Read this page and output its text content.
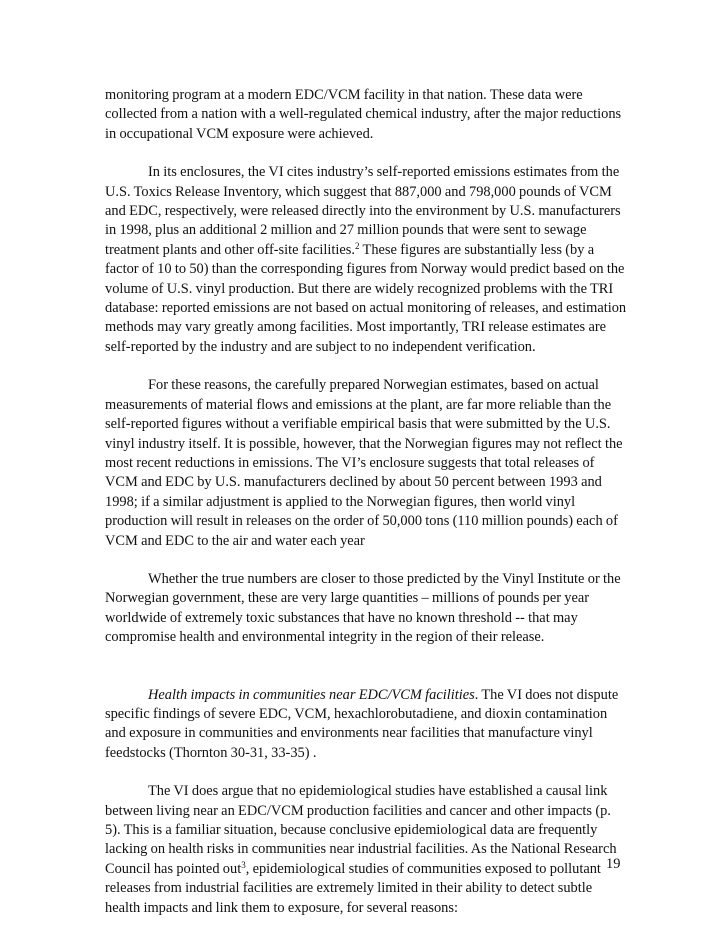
monitoring program at a modern EDC/VCM facility in that nation. These data were collected from a nation with a well-regulated chemical industry, after the major reductions in occupational VCM exposure were achieved.

In its enclosures, the VI cites industry’s self-reported emissions estimates from the U.S. Toxics Release Inventory, which suggest that 887,000 and 798,000 pounds of VCM and EDC, respectively, were released directly into the environment by U.S. manufacturers in 1998, plus an additional 2 million and 27 million pounds that were sent to sewage treatment plants and other off-site facilities.$^2$ These figures are substantially less (by a factor of 10 to 50) than the corresponding figures from Norway would predict based on the volume of U.S. vinyl production. But there are widely recognized problems with the TRI database: reported emissions are not based on actual monitoring of releases, and estimation methods may vary greatly among facilities. Most importantly, TRI release estimates are self-reported by the industry and are subject to no independent verification.

For these reasons, the carefully prepared Norwegian estimates, based on actual measurements of material flows and emissions at the plant, are far more reliable than the self-reported figures without a verifiable empirical basis that were submitted by the U.S. vinyl industry itself. It is possible, however, that the Norwegian figures may not reflect the most recent reductions in emissions. The VI’s enclosure suggests that total releases of VCM and EDC by U.S. manufacturers declined by about 50 percent between 1993 and 1998; if a similar adjustment is applied to the Norwegian figures, then world vinyl production will result in releases on the order of 50,000 tons (110 million pounds) each of VCM and EDC to the air and water each year

Whether the true numbers are closer to those predicted by the Vinyl Institute or the Norwegian government, these are very large quantities – millions of pounds per year worldwide of extremely toxic substances that have no known threshold -- that may compromise health and environmental integrity in the region of their release.

Health impacts in communities near EDC/VCM facilities. The VI does not dispute specific findings of severe EDC, VCM, hexachlorobutadiene, and dioxin contamination and exposure in communities and environments near facilities that manufacture vinyl feedstocks (Thornton 30-31, 33-35) .

The VI does argue that no epidemiological studies have established a causal link between living near an EDC/VCM production facilities and cancer and other impacts (p. 5). This is a familiar situation, because conclusive epidemiological data are frequently lacking on health risks in communities near industrial facilities. As the National Research Council has pointed out$^3$, epidemiological studies of communities exposed to pollutant releases from industrial facilities are extremely limited in their ability to detect subtle health impacts and link them to exposure, for several reasons:

19
